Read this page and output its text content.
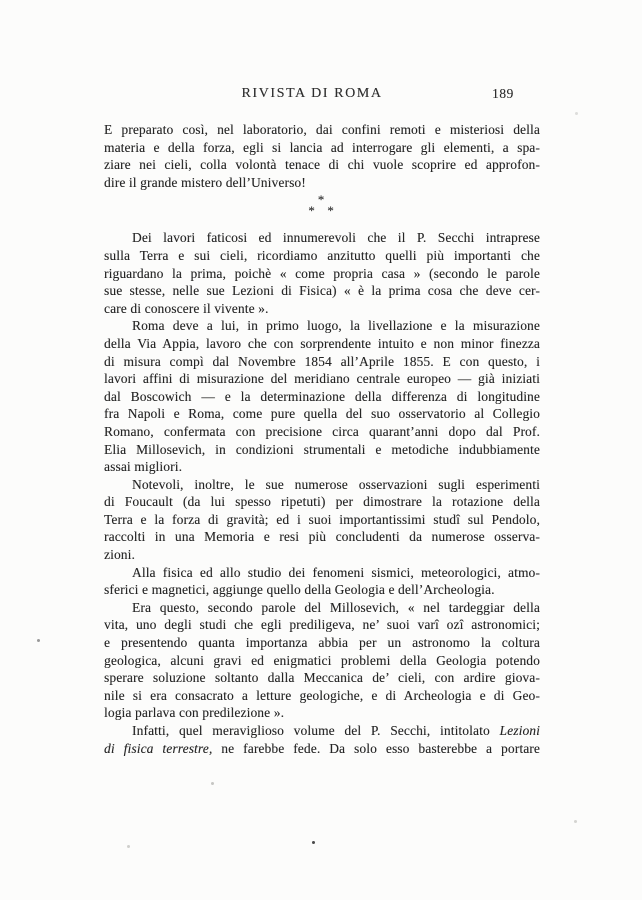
RIVISTA DI ROMA	189
E preparato così, nel laboratorio, dai confini remoti e misteriosi della
materia e della forza, egli si lancia ad interrogare gli elementi, a spa-
ziare nei cieli, colla volontà tenace di chi vuole scoprire ed approfon-
dire il grande mistero dell’Universo!
*
*  *
Dei lavori faticosi ed innumerevoli che il P. Secchi intraprese
sulla Terra e sui cieli, ricordiamo anzitutto quelli più importanti che
riguardano la prima, poichè « come propria casa » (secondo le parole
sue stesse, nelle sue Lezioni di Fisica) « è la prima cosa che deve cer-
care di conoscere il vivente ».
Roma deve a lui, in primo luogo, la livellazione e la misurazione
della Via Appia, lavoro che con sorprendente intuito e non minor finezza
di misura compì dal Novembre 1854 all’Aprile 1855. E con questo, i
lavori affini di misurazione del meridiano centrale europeo — già iniziati
dal Boscowich — e la determinazione della differenza di longitudine
fra Napoli e Roma, come pure quella del suo osservatorio al Collegio
Romano, confermata con precisione circa quarant’anni dopo dal Prof.
Elia Millosevich, in condizioni strumentali e metodiche indubbiamente
assai migliori.
Notevoli, inoltre, le sue numerose osservazioni sugli esperimenti
di Foucault (da lui spesso ripetuti) per dimostrare la rotazione della
Terra e la forza di gravità; ed i suoi importantissimi studî sul Pendolo,
raccolti in una Memoria e resi più concludenti da numerose osserva-
zioni.
Alla fisica ed allo studio dei fenomeni sismici, meteorologici, atmo-
sferici e magnetici, aggiunge quello della Geologia e dell’Archeologia.
Era questo, secondo parole del Millosevich, « nel tardeggiar della
vita, uno degli studi che egli prediligeva, ne’ suoi varî ozî astronomici;
e presentendo quanta importanza abbia per un astronomo la coltura
geologica, alcuni gravi ed enigmatici problemi della Geologia potendo
sperare soluzione soltanto dalla Meccanica de’ cieli, con ardire giova-
nile si era consacrato a letture geologiche, e di Archeologia e di Geo-
logia parlava con predilezione ».
Infatti, quel meraviglioso volume del P. Secchi, intitolato Lezioni
di fisica terrestre, ne farebbe fede. Da solo esso basterebbe a portare
